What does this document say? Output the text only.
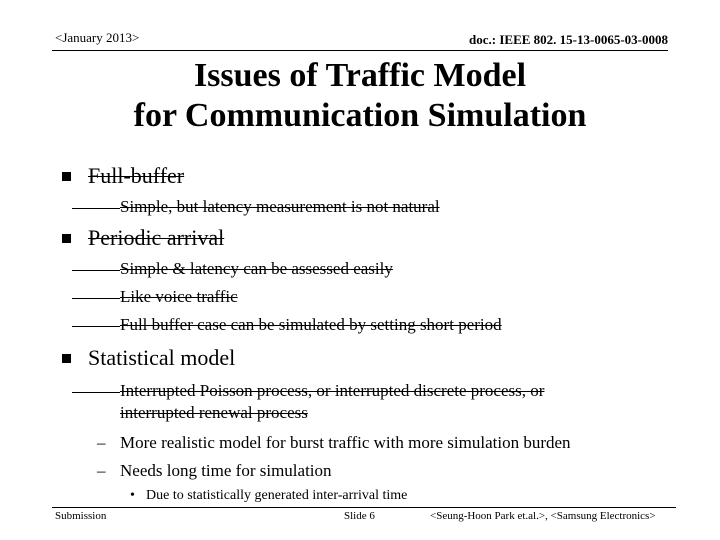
<January 2013>	doc.: IEEE 802. 15-13-0065-03-0008
Issues of Traffic Model
for Communication Simulation
Full-buffer
Simple, but latency measurement is not natural
Periodic arrival
Simple & latency can be assessed easily
Like voice traffic
Full buffer case can be simulated by setting short period
Statistical model
Interrupted Poisson process, or interrupted discrete process, or
interrupted renewal process
– More realistic model for burst traffic with more simulation burden
– Needs long time for simulation
• Due to statistically generated inter-arrival time
Submission	Slide 6	<Seung-Hoon Park et.al.>, <Samsung Electronics>
